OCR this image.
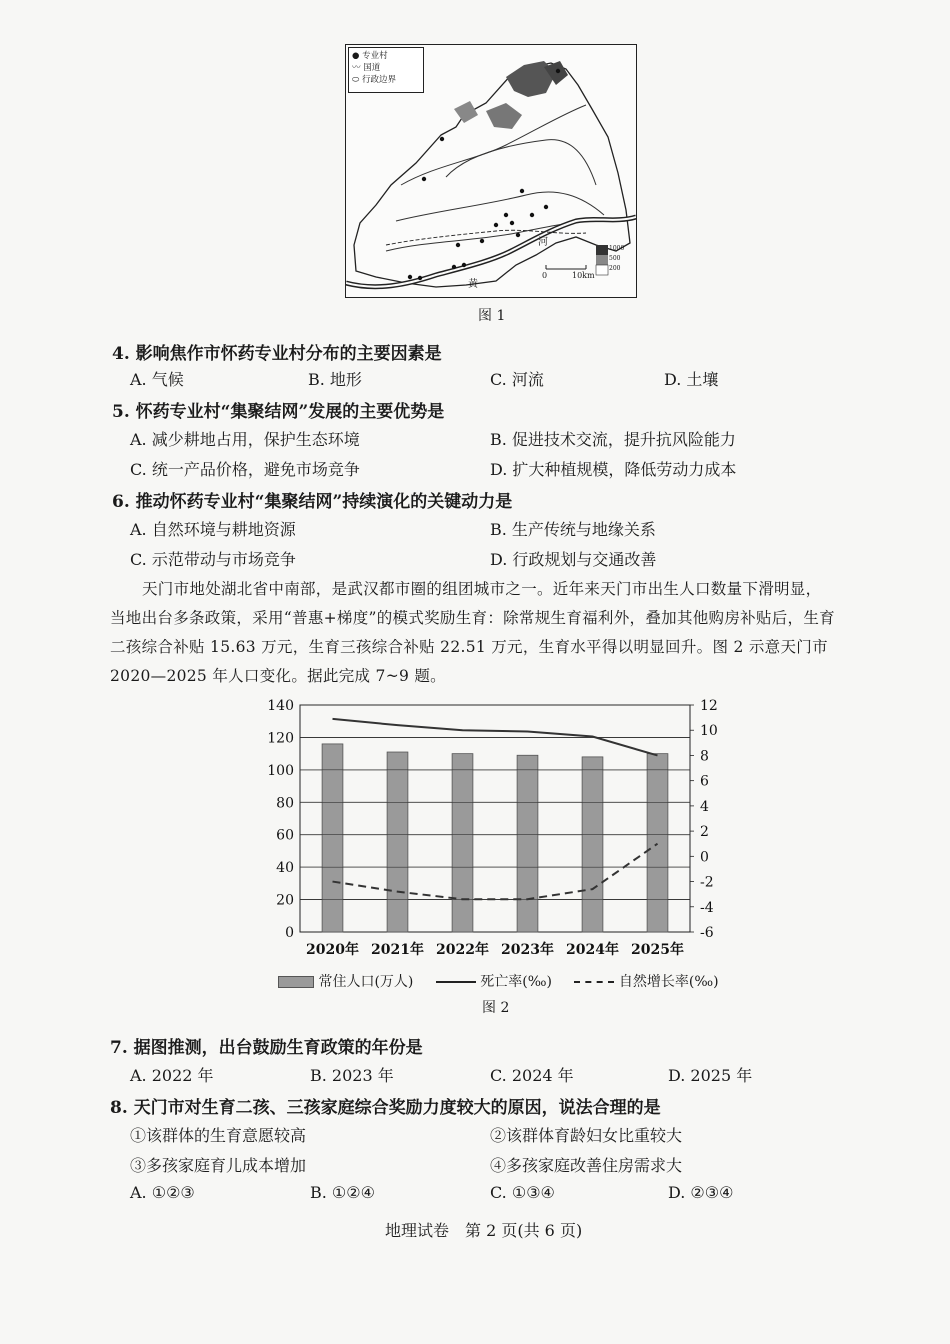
● 专业村
〰 国道
⬭ 行政边界
河
黄
0	10km
1000
500
200
图 1
4. 影响焦作市怀药专业村分布的主要因素是
A. 气候	B. 地形	C. 河流	D. 土壤
5. 怀药专业村“集聚结网”发展的主要优势是
A. 减少耕地占用，保护生态环境	B. 促进技术交流，提升抗风险能力
C. 统一产品价格，避免市场竞争	D. 扩大种植规模，降低劳动力成本
6. 推动怀药专业村“集聚结网”持续演化的关键动力是
A. 自然环境与耕地资源	B. 生产传统与地缘关系
C. 示范带动与市场竞争	D. 行政规划与交通改善
天门市地处湖北省中南部，是武汉都市圈的组团城市之一。近年来天门市出生人口数量下滑明显，
当地出台多条政策，采用“普惠+梯度”的模式奖励生育：除常规生育福利外，叠加其他购房补贴后，生育
二孩综合补贴 15.63 万元，生育三孩综合补贴 22.51 万元，生育水平得以明显回升。图 2 示意天门市
2020—2025 年人口变化。据此完成 7~9 题。
0
20
40
60
80
100
120
140
-6
-4
-2
0
2
4
6
8
10
12
2020年 2021年 2022年 2023年 2024年 2025年
常住人口(万人)	死亡率(‰)	自然增长率(‰)
图 2
7. 据图推测，出台鼓励生育政策的年份是
A. 2022 年	B. 2023 年	C. 2024 年	D. 2025 年
8. 天门市对生育二孩、三孩家庭综合奖励力度较大的原因，说法合理的是
①该群体的生育意愿较高	②该群体育龄妇女比重较大
③多孩家庭育儿成本增加	④多孩家庭改善住房需求大
A. ①②③	B. ①②④	C. ①③④	D. ②③④
地理试卷　第 2 页(共 6 页)
